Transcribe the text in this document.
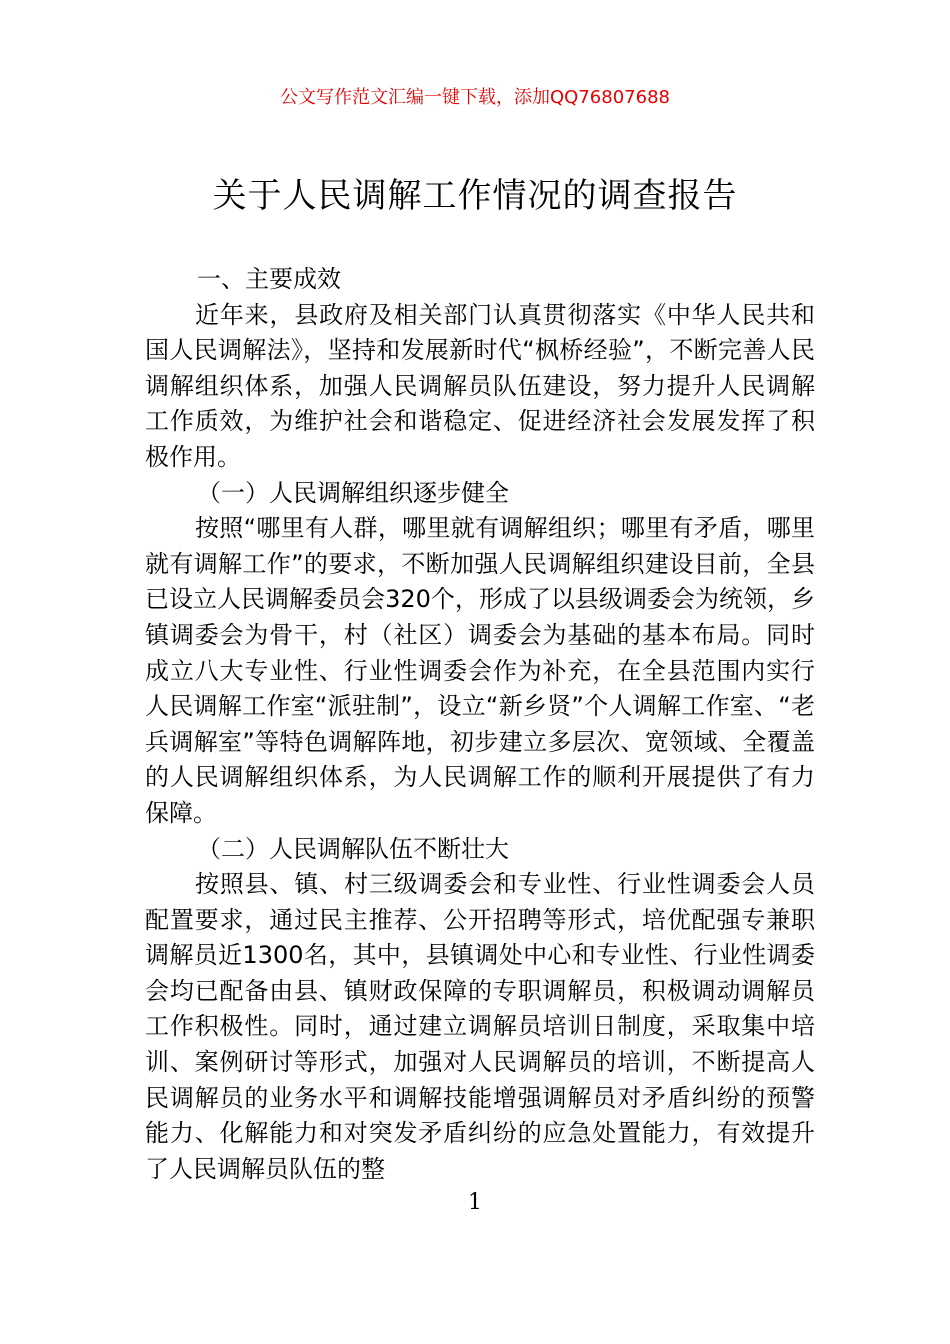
公文写作范文汇编一键下载，添加QQ76807688
关于人民调解工作情况的调查报告

一、主要成效

近年来，县政府及相关部门认真贯彻落实《中华人民共和国人民调解法》，坚持和发展新时代“枫桥经验”，不断完善人民调解组织体系，加强人民调解员队伍建设，努力提升人民调解工作质效，为维护社会和谐稳定、促进经济社会发展发挥了积极作用。

（一）人民调解组织逐步健全

按照“哪里有人群，哪里就有调解组织；哪里有矛盾，哪里就有调解工作”的要求，不断加强人民调解组织建设目前，全县已设立人民调解委员会320个，形成了以县级调委会为统领，乡镇调委会为骨干，村（社区）调委会为基础的基本布局。同时成立八大专业性、行业性调委会作为补充，在全县范围内实行人民调解工作室“派驻制”，设立“新乡贤”个人调解工作室、“老兵调解室”等特色调解阵地，初步建立多层次、宽领域、全覆盖的人民调解组织体系，为人民调解工作的顺利开展提供了有力保障。

（二）人民调解队伍不断壮大

按照县、镇、村三级调委会和专业性、行业性调委会人员配置要求，通过民主推荐、公开招聘等形式，培优配强专兼职调解员近1300名，其中，县镇调处中心和专业性、行业性调委会均已配备由县、镇财政保障的专职调解员，积极调动调解员工作积极性。同时，通过建立调解员培训日制度，采取集中培训、案例研讨等形式，加强对人民调解员的培训，不断提高人民调解员的业务水平和调解技能增强调解员对矛盾纠纷的预警能力、化解能力和对突发矛盾纠纷的应急处置能力，有效提升了人民调解员队伍的整

1
